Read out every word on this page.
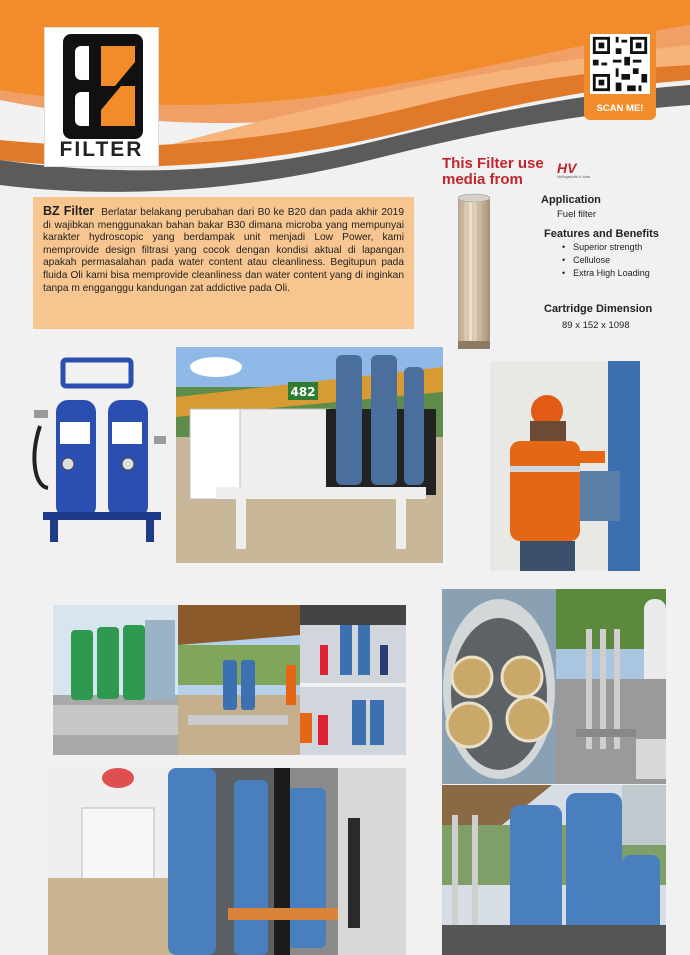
FILTER
SCAN ME!
This Filter use media from
HV
Hollingsworth & Vose
Application
Fuel filter
Features and Benefits
• Superior strength
• Cellulose
• Extra High Loading
Cartridge Dimension
89 x 152 x 1098
BZ Filter Berlatar belakang perubahan dari B0 ke B20 dan pada akhir 2019 di wajibkan menggunakan bahan bakar B30 dimana microba yang mempunyai karakter hydroscopic yang berdampak unit menjadi Low Power, kami memprovide design filtrasi yang cocok dengan kondisi aktual di lapangan apakah permasalahan pada water content atau cleanliness. Begitupun pada fluida Oli kami bisa memprovide cleanliness dan water content yang di inginkan tanpa m engganggu kandungan zat addictive pada Oli.
482
